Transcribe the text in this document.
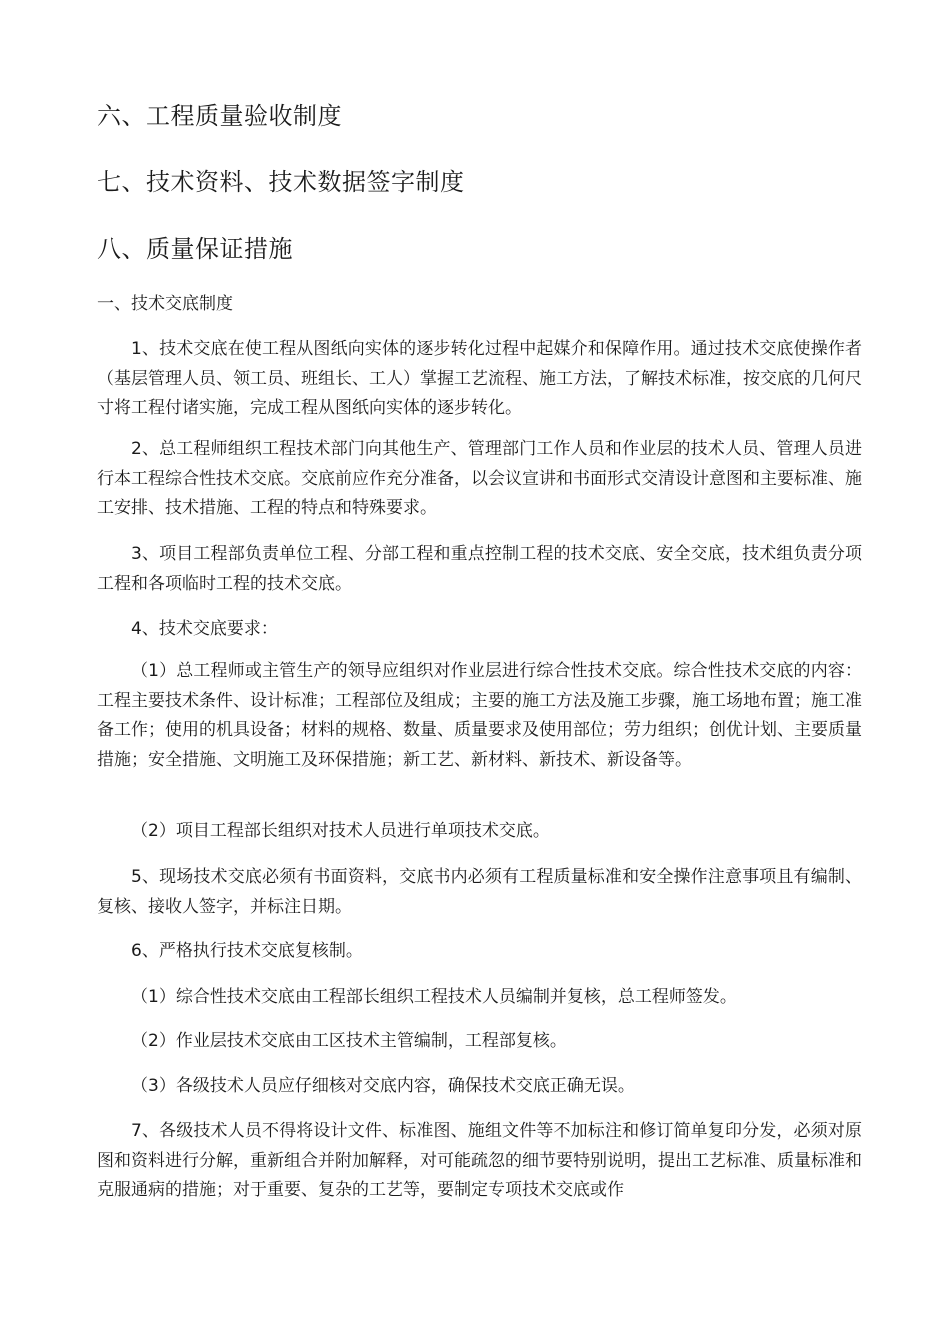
六、工程质量验收制度
七、技术资料、技术数据签字制度
八、质量保证措施
一、技术交底制度

1、技术交底在使工程从图纸向实体的逐步转化过程中起媒介和保障作用。通过技术交底使操作者（基层管理人员、领工员、班组长、工人）掌握工艺流程、施工方法，了解技术标准，按交底的几何尺寸将工程付诸实施，完成工程从图纸向实体的逐步转化。

2、总工程师组织工程技术部门向其他生产、管理部门工作人员和作业层的技术人员、管理人员进行本工程综合性技术交底。交底前应作充分准备，以会议宣讲和书面形式交清设计意图和主要标准、施工安排、技术措施、工程的特点和特殊要求。

3、项目工程部负责单位工程、分部工程和重点控制工程的技术交底、安全交底，技术组负责分项工程和各项临时工程的技术交底。

4、技术交底要求：

（1）总工程师或主管生产的领导应组织对作业层进行综合性技术交底。综合性技术交底的内容：工程主要技术条件、设计标准；工程部位及组成；主要的施工方法及施工步骤，施工场地布置；施工准备工作；使用的机具设备；材料的规格、数量、质量要求及使用部位；劳力组织；创优计划、主要质量措施；安全措施、文明施工及环保措施；新工艺、新材料、新技术、新设备等。

（2）项目工程部长组织对技术人员进行单项技术交底。

5、现场技术交底必须有书面资料，交底书内必须有工程质量标准和安全操作注意事项且有编制、复核、接收人签字，并标注日期。

6、严格执行技术交底复核制。

（1）综合性技术交底由工程部长组织工程技术人员编制并复核，总工程师签发。

（2）作业层技术交底由工区技术主管编制，工程部复核。

（3）各级技术人员应仔细核对交底内容，确保技术交底正确无误。

7、各级技术人员不得将设计文件、标准图、施组文件等不加标注和修订简单复印分发，必须对原图和资料进行分解，重新组合并附加解释，对可能疏忽的细节要特别说明，提出工艺标准、质量标准和克服通病的措施；对于重要、复杂的工艺等，要制定专项技术交底或作
